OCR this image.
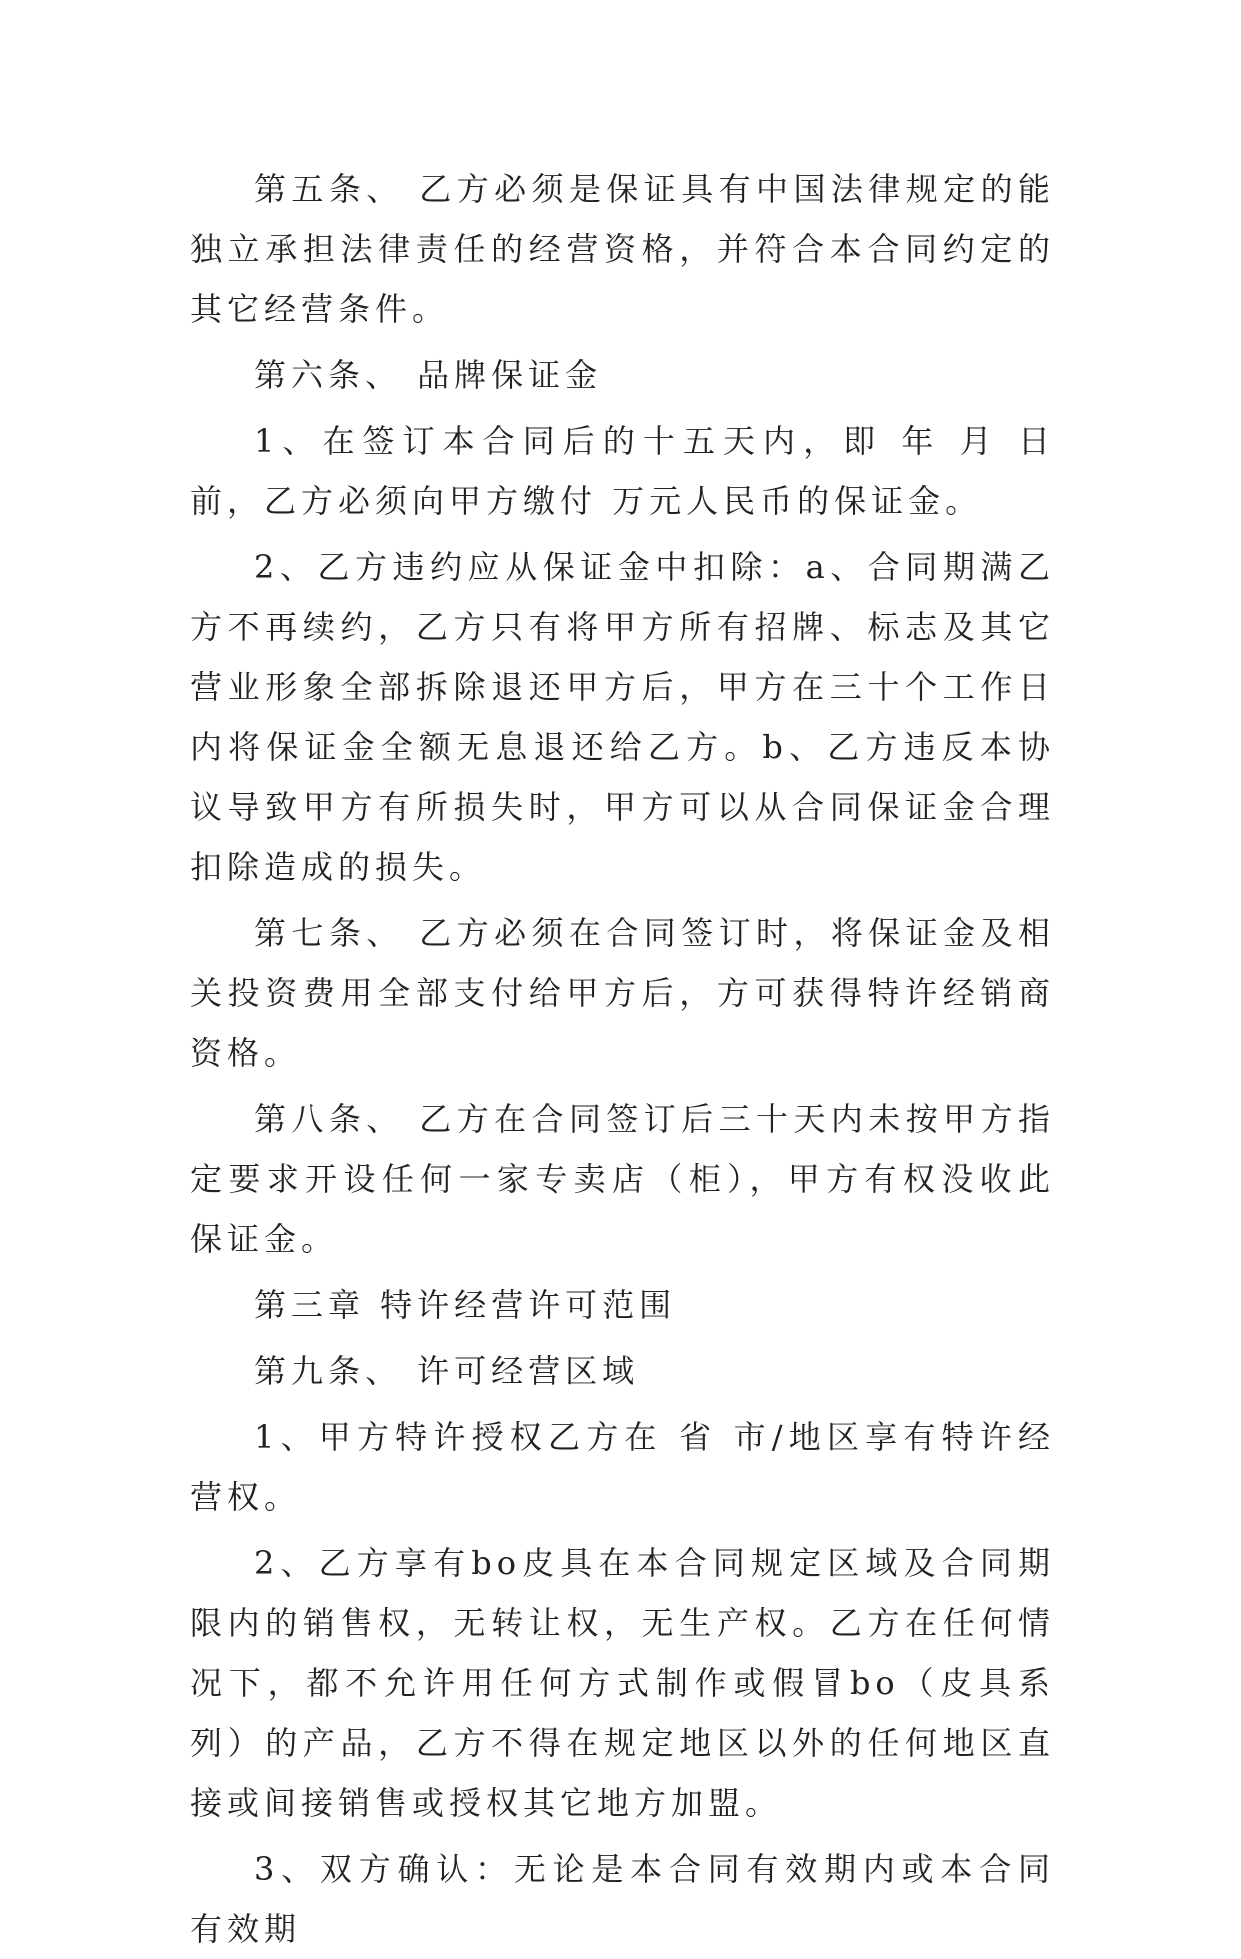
第五条、 乙方必须是保证具有中国法律规定的能独立承担法律责任的经营资格，并符合本合同约定的其它经营条件。

第六条、 品牌保证金

1、在签订本合同后的十五天内，即 年 月 日前，乙方必须向甲方缴付 万元人民币的保证金。

2、乙方违约应从保证金中扣除：a、合同期满乙方不再续约，乙方只有将甲方所有招牌、标志及其它营业形象全部拆除退还甲方后，甲方在三十个工作日内将保证金全额无息退还给乙方。b、乙方违反本协议导致甲方有所损失时，甲方可以从合同保证金合理扣除造成的损失。

第七条、 乙方必须在合同签订时，将保证金及相关投资费用全部支付给甲方后，方可获得特许经销商资格。

第八条、 乙方在合同签订后三十天内未按甲方指定要求开设任何一家专卖店（柜），甲方有权没收此保证金。

第三章 特许经营许可范围

第九条、 许可经营区域

1、甲方特许授权乙方在 省 市/地区享有特许经营权。

2、乙方享有bo皮具在本合同规定区域及合同期限内的销售权，无转让权，无生产权。乙方在任何情况下，都不允许用任何方式制作或假冒bo（皮具系列）的产品，乙方不得在规定地区以外的任何地区直接或间接销售或授权其它地方加盟。

3、双方确认：无论是本合同有效期内或本合同有效期
